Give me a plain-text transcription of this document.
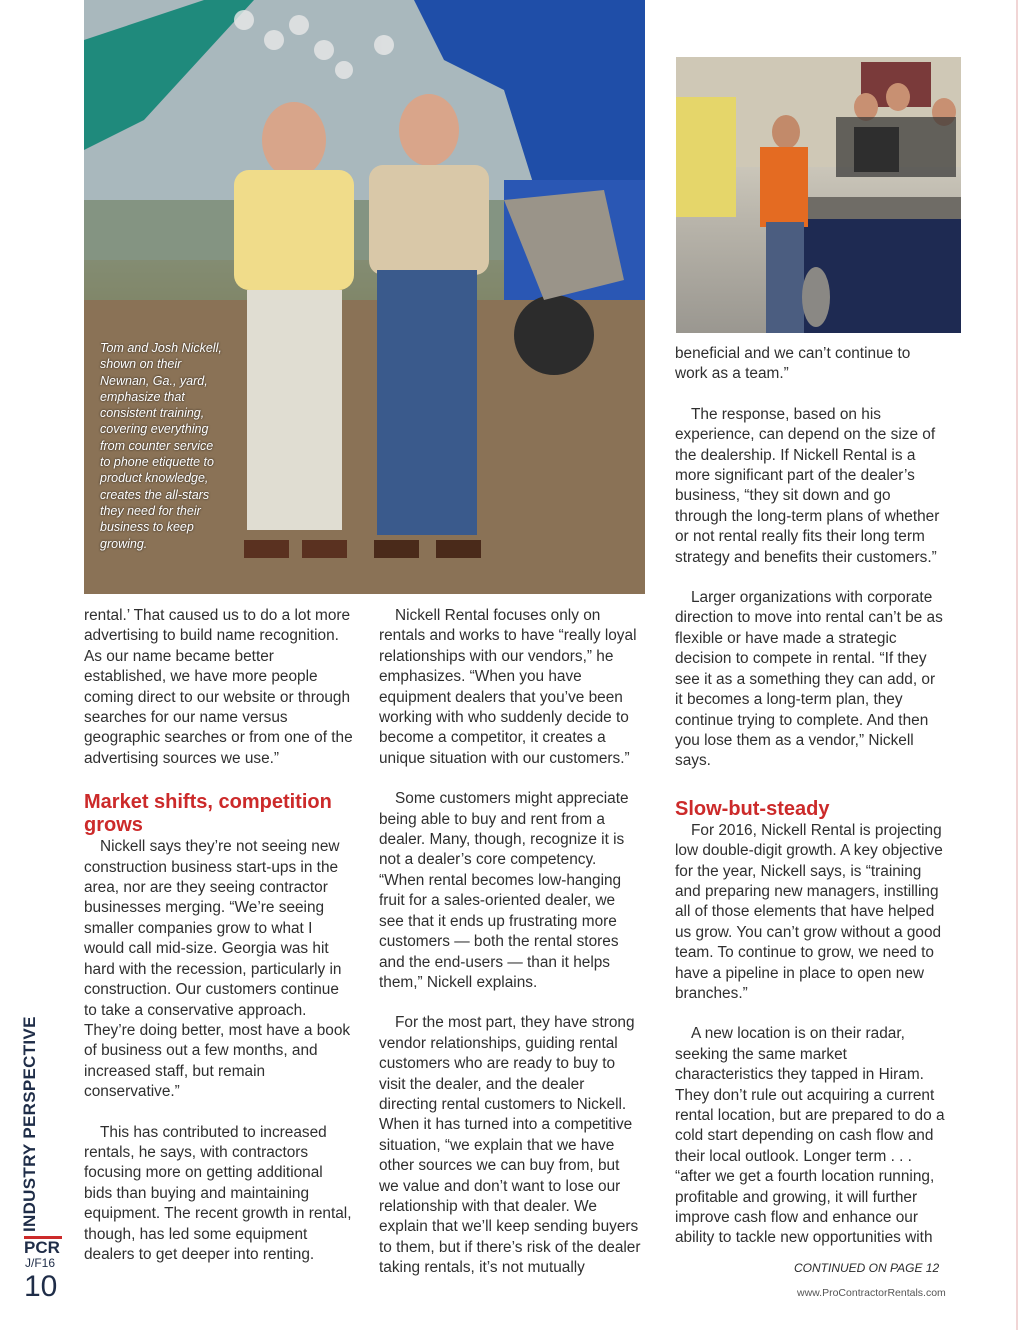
Tom and Josh Nickell, shown on their Newnan, Ga., yard, emphasize that consistent training, covering everything from counter service to phone etiquette to product knowledge, creates the all-stars they need for their business to keep growing.

rental.’ That caused us to do a lot more advertising to build name recognition. As our name became better established, we have more people coming direct to our website or through searches for our name versus geographic searches or from one of the advertising sources we use.”

Market shifts, competition grows

Nickell says they’re not seeing new construction business start-ups in the area, nor are they seeing contractor businesses merging. “We’re seeing smaller companies grow to what I would call mid-size. Georgia was hit hard with the recession, particularly in construction. Our customers continue to take a conservative approach. They’re doing better, most have a book of business out a few months, and increased staff, but remain conservative.”

This has contributed to increased rentals, he says, with contractors focusing more on getting additional bids than buying and maintaining equipment. The recent growth in rental, though, has led some equipment dealers to get deeper into renting.

Nickell Rental focuses only on rentals and works to have “really loyal relationships with our vendors,” he emphasizes. “When you have equipment dealers that you’ve been working with who suddenly decide to become a competitor, it creates a unique situation with our customers.”

Some customers might appreciate being able to buy and rent from a dealer. Many, though, recognize it is not a dealer’s core competency. “When rental becomes low-hanging fruit for a sales-oriented dealer, we see that it ends up frustrating more customers — both the rental stores and the end-users — than it helps them,” Nickell explains.

For the most part, they have strong vendor relationships, guiding rental customers who are ready to buy to visit the dealer, and the dealer directing rental customers to Nickell. When it has turned into a competitive situation, “we explain that we have other sources we can buy from, but we value and don’t want to lose our relationship with that dealer. We explain that we’ll keep sending buyers to them, but if there’s risk of the dealer taking rentals, it’s not mutually

beneficial and we can’t continue to work as a team.”

The response, based on his experience, can depend on the size of the dealership. If Nickell Rental is a more significant part of the dealer’s business, “they sit down and go through the long-term plans of whether or not rental really fits their long term strategy and benefits their customers.”

Larger organizations with corporate direction to move into rental can’t be as flexible or have made a strategic decision to compete in rental. “If they see it as a something they can add, or it becomes a long-term plan, they continue trying to complete. And then you lose them as a vendor,” Nickell says.

Slow-but-steady

For 2016, Nickell Rental is projecting low double-digit growth. A key objective for the year, Nickell says, is “training and preparing new managers, instilling all of those elements that have helped us grow. You can’t grow without a good team. To continue to grow, we need to have a pipeline in place to open new branches.”

A new location is on their radar, seeking the same market characteristics they tapped in Hiram. They don’t rule out acquiring a current rental location, but are prepared to do a cold start depending on cash flow and their local outlook. Longer term . . . “after we get a fourth location running, profitable and growing, it will further improve cash flow and enhance our ability to tackle new opportunities with

CONTINUED ON PAGE 12
www.ProContractorRentals.com
INDUSTRY PERSPECTIVE
PCR
J/F16
10
